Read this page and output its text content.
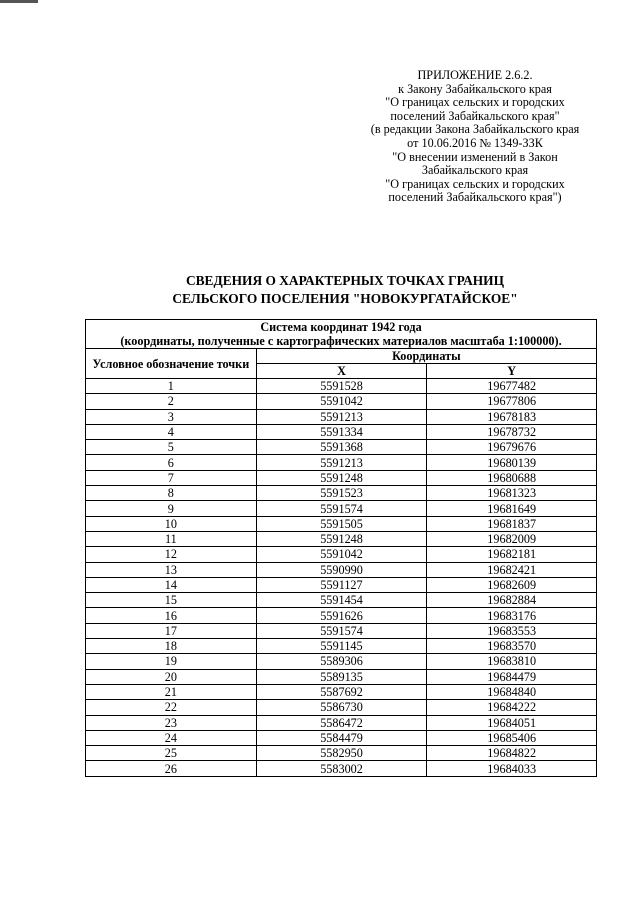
ПРИЛОЖЕНИЕ 2.6.2.
к Закону Забайкальского края
"О границах сельских и городских
поселений Забайкальского края"
(в редакции Закона Забайкальского края
от 10.06.2016 № 1349-ЗЗК
"О внесении изменений в Закон
Забайкальского края
"О границах сельских и городских
поселений Забайкальского края")
СВЕДЕНИЯ О ХАРАКТЕРНЫХ ТОЧКАХ ГРАНИЦ
СЕЛЬСКОГО ПОСЕЛЕНИЯ "НОВОКУРГАТАЙСКОЕ"
Система координат 1942 года
(координаты, полученные с картографических материалов масштаба 1:100000).		

Условное обозначение точки	Координаты	
	X	Y
1	5591528	19677482
2	5591042	19677806
3	5591213	19678183
4	5591334	19678732
5	5591368	19679676
6	5591213	19680139
7	5591248	19680688
8	5591523	19681323
9	5591574	19681649
10	5591505	19681837
11	5591248	19682009
12	5591042	19682181
13	5590990	19682421
14	5591127	19682609
15	5591454	19682884
16	5591626	19683176
17	5591574	19683553
18	5591145	19683570
19	5589306	19683810
20	5589135	19684479
21	5587692	19684840
22	5586730	19684222
23	5586472	19684051
24	5584479	19685406
25	5582950	19684822
26	5583002	19684033
